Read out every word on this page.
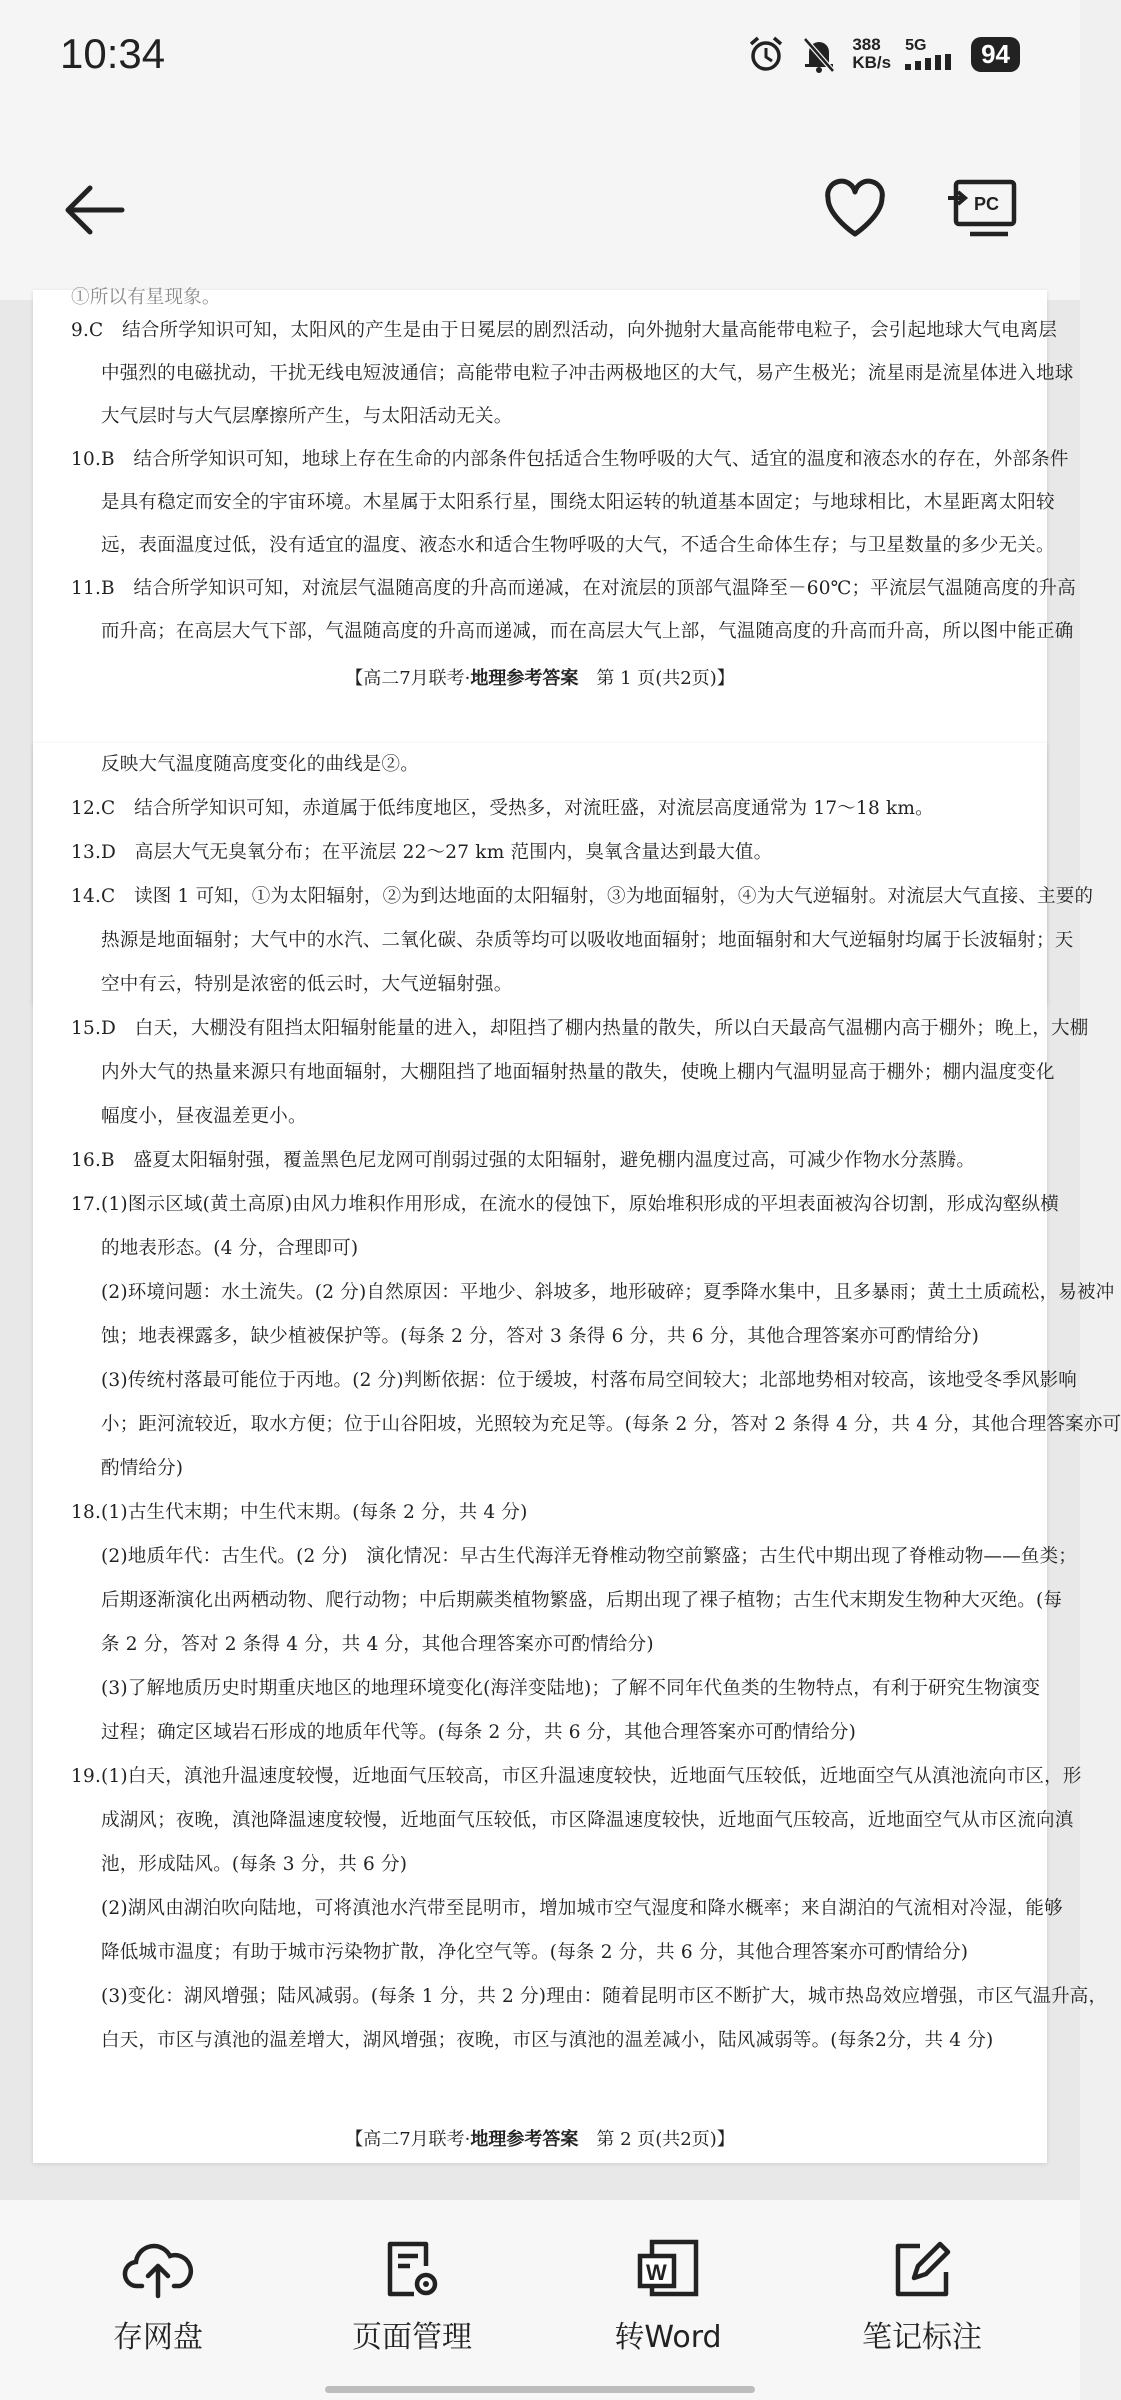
10:34	388
KB/s
5G	94
PC
①所以有星现象。
9.C　结合所学知识可知，太阳风的产生是由于日冕层的剧烈活动，向外抛射大量高能带电粒子，会引起地球大气电离层
中强烈的电磁扰动，干扰无线电短波通信；高能带电粒子冲击两极地区的大气，易产生极光；流星雨是流星体进入地球
大气层时与大气层摩擦所产生，与太阳活动无关。
10.B　结合所学知识可知，地球上存在生命的内部条件包括适合生物呼吸的大气、适宜的温度和液态水的存在，外部条件
是具有稳定而安全的宇宙环境。木星属于太阳系行星，围绕太阳运转的轨道基本固定；与地球相比，木星距离太阳较
远，表面温度过低，没有适宜的温度、液态水和适合生物呼吸的大气，不适合生命体生存；与卫星数量的多少无关。
11.B　结合所学知识可知，对流层气温随高度的升高而递减，在对流层的顶部气温降至－60℃；平流层气温随高度的升高
而升高；在高层大气下部，气温随高度的升高而递减，而在高层大气上部，气温随高度的升高而升高，所以图中能正确
【高二7月联考·地理参考答案　第 1 页(共2页)】
反映大气温度随高度变化的曲线是②。
12.C　结合所学知识可知，赤道属于低纬度地区，受热多，对流旺盛，对流层高度通常为 17～18 km。
13.D　高层大气无臭氧分布；在平流层 22～27 km 范围内，臭氧含量达到最大值。
14.C　读图 1 可知，①为太阳辐射，②为到达地面的太阳辐射，③为地面辐射，④为大气逆辐射。对流层大气直接、主要的
热源是地面辐射；大气中的水汽、二氧化碳、杂质等均可以吸收地面辐射；地面辐射和大气逆辐射均属于长波辐射；天
空中有云，特别是浓密的低云时，大气逆辐射强。
15.D　白天，大棚没有阻挡太阳辐射能量的进入，却阻挡了棚内热量的散失，所以白天最高气温棚内高于棚外；晚上，大棚
内外大气的热量来源只有地面辐射，大棚阻挡了地面辐射热量的散失，使晚上棚内气温明显高于棚外；棚内温度变化
幅度小，昼夜温差更小。
16.B　盛夏太阳辐射强，覆盖黑色尼龙网可削弱过强的太阳辐射，避免棚内温度过高，可减少作物水分蒸腾。
17.(1)图示区域(黄土高原)由风力堆积作用形成，在流水的侵蚀下，原始堆积形成的平坦表面被沟谷切割，形成沟壑纵横
的地表形态。(4 分，合理即可)
(2)环境问题：水土流失。(2 分)自然原因：平地少、斜坡多，地形破碎；夏季降水集中，且多暴雨；黄土土质疏松，易被冲
蚀；地表裸露多，缺少植被保护等。(每条 2 分，答对 3 条得 6 分，共 6 分，其他合理答案亦可酌情给分)
(3)传统村落最可能位于丙地。(2 分)判断依据：位于缓坡，村落布局空间较大；北部地势相对较高，该地受冬季风影响
小；距河流较近，取水方便；位于山谷阳坡，光照较为充足等。(每条 2 分，答对 2 条得 4 分，共 4 分，其他合理答案亦可
酌情给分)
18.(1)古生代末期；中生代末期。(每条 2 分，共 4 分)
(2)地质年代：古生代。(2 分)　演化情况：早古生代海洋无脊椎动物空前繁盛；古生代中期出现了脊椎动物——鱼类；
后期逐渐演化出两栖动物、爬行动物；中后期蕨类植物繁盛，后期出现了裸子植物；古生代末期发生物种大灭绝。(每
条 2 分，答对 2 条得 4 分，共 4 分，其他合理答案亦可酌情给分)
(3)了解地质历史时期重庆地区的地理环境变化(海洋变陆地)；了解不同年代鱼类的生物特点，有利于研究生物演变
过程；确定区域岩石形成的地质年代等。(每条 2 分，共 6 分，其他合理答案亦可酌情给分)
19.(1)白天，滇池升温速度较慢，近地面气压较高，市区升温速度较快，近地面气压较低，近地面空气从滇池流向市区，形
成湖风；夜晚，滇池降温速度较慢，近地面气压较低，市区降温速度较快，近地面气压较高，近地面空气从市区流向滇
池，形成陆风。(每条 3 分，共 6 分)
(2)湖风由湖泊吹向陆地，可将滇池水汽带至昆明市，增加城市空气湿度和降水概率；来自湖泊的气流相对冷湿，能够
降低城市温度；有助于城市污染物扩散，净化空气等。(每条 2 分，共 6 分，其他合理答案亦可酌情给分)
(3)变化：湖风增强；陆风减弱。(每条 1 分，共 2 分)理由：随着昆明市区不断扩大，城市热岛效应增强，市区气温升高，
白天，市区与滇池的温差增大，湖风增强；夜晚，市区与滇池的温差减小，陆风减弱等。(每条2分，共 4 分)
【高二7月联考·地理参考答案　第 2 页(共2页)】
存网盘	页面管理
W
转Word	笔记标注
